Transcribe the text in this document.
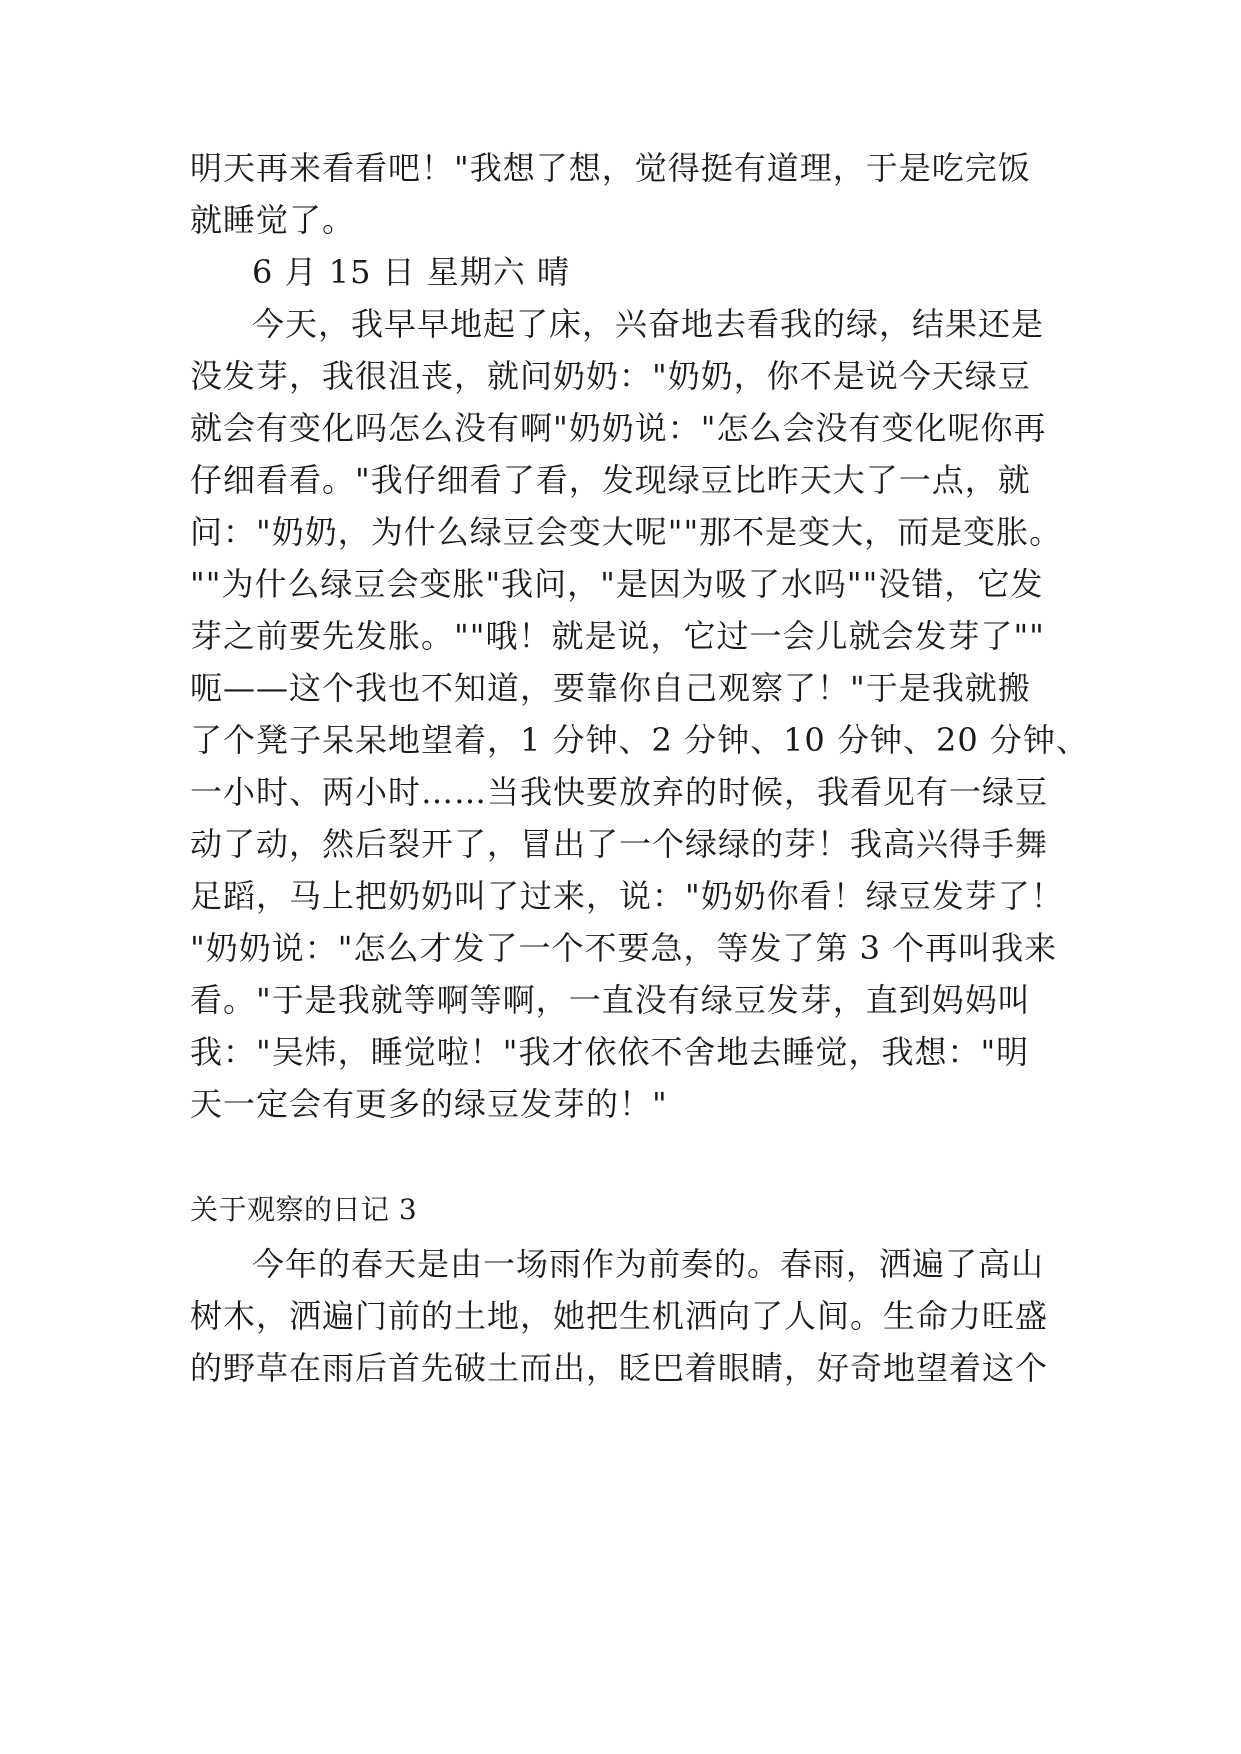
明天再来看看吧！"我想了想，觉得挺有道理，于是吃完饭
就睡觉了。
6 月 15 日 星期六 晴
今天，我早早地起了床，兴奋地去看我的绿，结果还是
没发芽，我很沮丧，就问奶奶："奶奶，你不是说今天绿豆
就会有变化吗怎么没有啊"奶奶说："怎么会没有变化呢你再
仔细看看。"我仔细看了看，发现绿豆比昨天大了一点，就
问："奶奶，为什么绿豆会变大呢""那不是变大，而是变胀。
""为什么绿豆会变胀"我问，"是因为吸了水吗""没错，它发
芽之前要先发胀。""哦！就是说，它过一会儿就会发芽了""
呃——这个我也不知道，要靠你自己观察了！"于是我就搬
了个凳子呆呆地望着，1 分钟、2 分钟、10 分钟、20 分钟、
一小时、两小时……当我快要放弃的时候，我看见有一绿豆
动了动，然后裂开了，冒出了一个绿绿的芽！我高兴得手舞
足蹈，马上把奶奶叫了过来，说："奶奶你看！绿豆发芽了！
"奶奶说："怎么才发了一个不要急，等发了第 3 个再叫我来
看。"于是我就等啊等啊，一直没有绿豆发芽，直到妈妈叫
我："吴炜，睡觉啦！"我才依依不舍地去睡觉，我想："明
天一定会有更多的绿豆发芽的！"
关于观察的日记 3
今年的春天是由一场雨作为前奏的。春雨，洒遍了高山
树木，洒遍门前的土地，她把生机洒向了人间。生命力旺盛
的野草在雨后首先破土而出，眨巴着眼睛，好奇地望着这个
